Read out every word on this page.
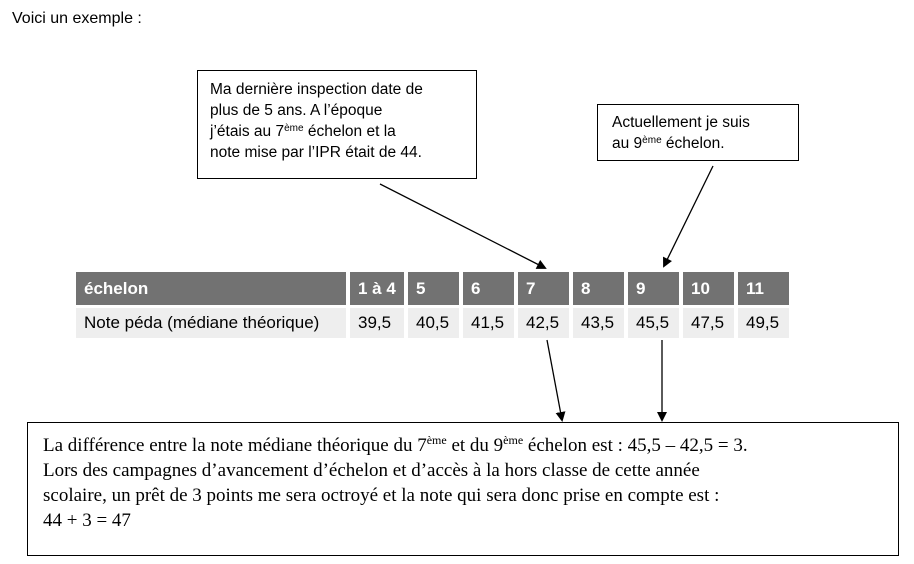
Voici un exemple :

Ma dernière inspection date de

plus de 5 ans. A l’époque

j’étais au 7ème échelon et la

note mise par l’IPR était de 44.

Actuellement je suis

au 9ème échelon.

échelon	1 à 4	5	6	7	8	9	10	11
Note péda (médiane théorique)	39,5	40,5	41,5	42,5	43,5	45,5	47,5	49,5

La différence entre la note médiane théorique du 7ème et du 9ème échelon est : 45,5 – 42,5 = 3.

Lors des campagnes d’avancement d’échelon et d’accès à la hors classe de cette année

scolaire, un prêt de 3 points me sera octroyé et la note qui sera donc prise en compte est :

44 + 3 = 47
